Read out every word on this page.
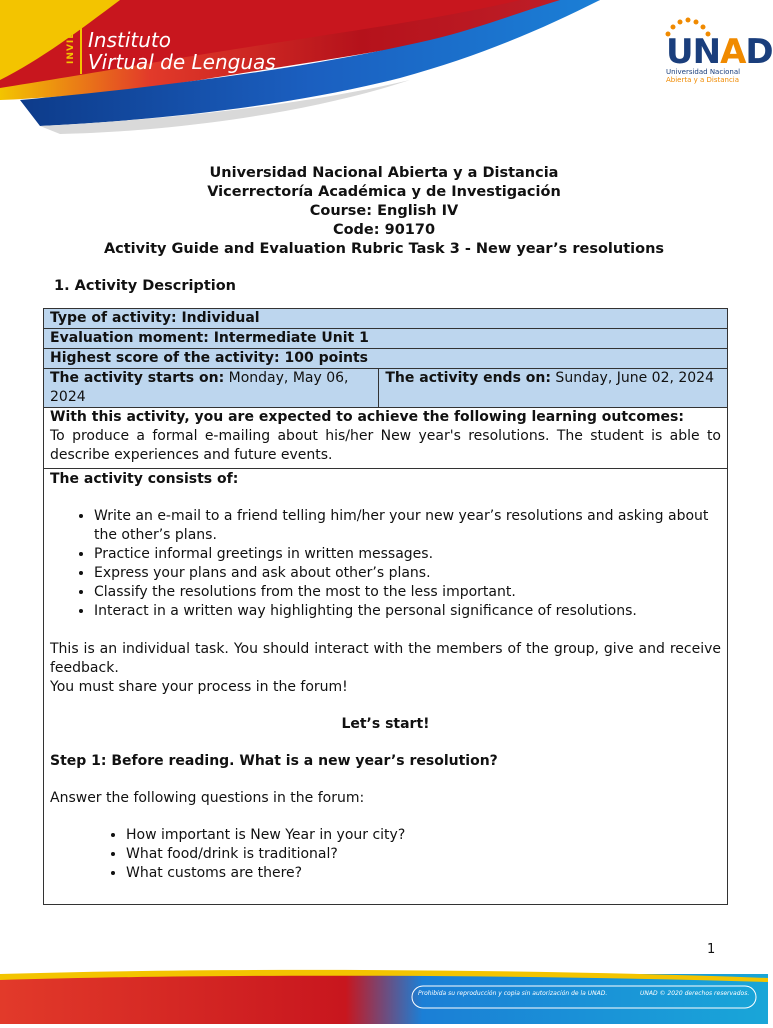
INVIL Instituto
Virtual de Lenguas	UNAD
Universidad Nacional
Abierta y a Distancia
Universidad Nacional Abierta y a Distancia
Vicerrectoría Académica y de Investigación
Course: English IV
Code: 90170
Activity Guide and Evaluation Rubric Task 3 - New year’s resolutions
1. Activity Description
Type of activity: Individual
Evaluation moment: Intermediate Unit 1
Highest score of the activity: 100 points
The activity starts on: Monday, May 06, 2024
The activity ends on: Sunday, June 02, 2024
With this activity, you are expected to achieve the following learning outcomes:
To produce a formal e-mailing about his/her New year's resolutions. The student is able to describe experiences and future events.
The activity consists of:
• Write an e-mail to a friend telling him/her your new year’s resolutions and asking about the other’s plans.
• Practice informal greetings in written messages.
• Express your plans and ask about other’s plans.
• Classify the resolutions from the most to the less important.
• Interact in a written way highlighting the personal significance of resolutions.
This is an individual task. You should interact with the members of the group, give and receive feedback.
You must share your process in the forum!
Let’s start!
Step 1: Before reading. What is a new year’s resolution?
Answer the following questions in the forum:
• How important is New Year in your city?
• What food/drink is traditional?
• What customs are there?
1
Prohibida su reproducción y copia sin autorización de la UNAD.	UNAD © 2020 derechos reservados.
